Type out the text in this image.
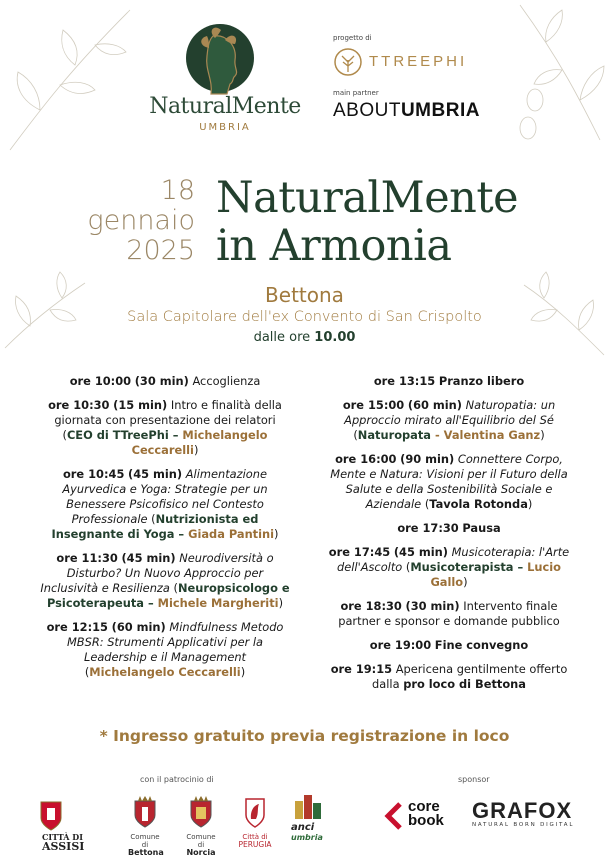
NaturalMente
UMBRIA
progetto di
TTREEPHI
main partner
ABOUTUMBRIA
18
gennaio
2025
NaturalMente
in Armonia
Bettona
Sala Capitolare dell'ex Convento di San Crispolto
dalle ore 10.00
ore 10:00 (30 min) Accoglienza
ore 10:30 (15 min) Intro e finalità della giornata con presentazione dei relatori (CEO di TTreePhi – Michelangelo Ceccarelli)
ore 10:45 (45 min) Alimentazione Ayurvedica e Yoga: Strategie per un Benessere Psicofisico nel Contesto Professionale (Nutrizionista ed Insegnante di Yoga – Giada Pantini)
ore 11:30 (45 min) Neurodiversità o Disturbo? Un Nuovo Approccio per Inclusività e Resilienza (Neuropsicologo e Psicoterapeuta – Michele Margheriti)
ore 12:15 (60 min) Mindfulness Metodo MBSR: Strumenti Applicativi per la Leadership e il Management (Michelangelo Ceccarelli)
ore 13:15 Pranzo libero
ore 15:00 (60 min) Naturopatia: un Approccio mirato all'Equilibrio del Sé (Naturopata - Valentina Ganz)
ore 16:00 (90 min) Connettere Corpo, Mente e Natura: Visioni per il Futuro della Salute e della Sostenibilità Sociale e Aziendale (Tavola Rotonda)
ore 17:30 Pausa
ore 17:45 (45 min) Musicoterapia: l'Arte dell'Ascolto (Musicoterapista – Lucio Gallo)
ore 18:30 (30 min) Intervento finale partner e sponsor e domande pubblico
ore 19:00 Fine convegno
ore 19:15 Apericena gentilmente offerto dalla pro loco di Bettona
* Ingresso gratuito previa registrazione in loco
con il patrocinio di	sponsor
CITTÀ DI
ASSISI
Comune di
Bettona
Comune di
Norcia
Città di
PERUGIA
anci
umbria
core
book GRAFOX
NATURAL BORN DIGITAL
